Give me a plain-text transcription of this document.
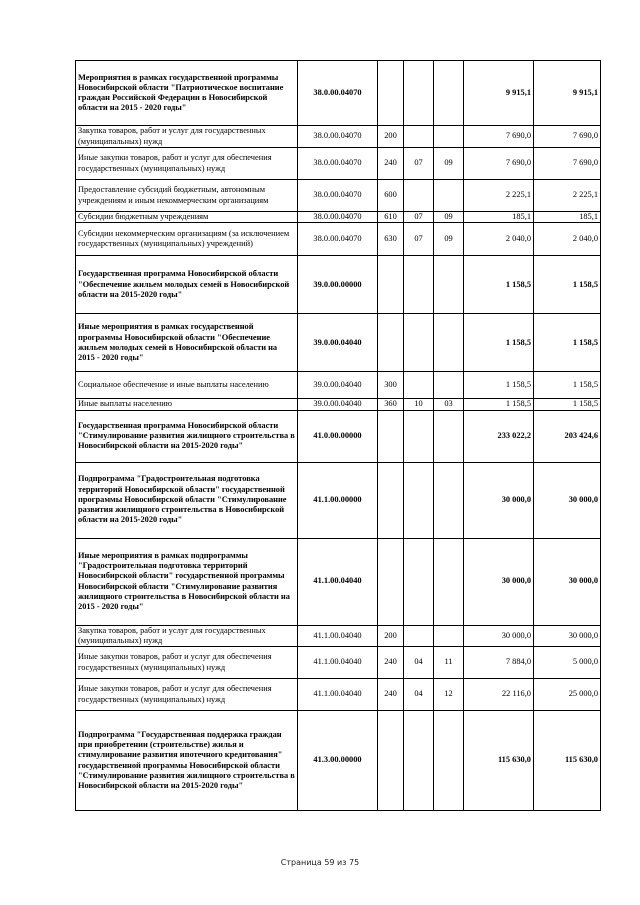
Мероприятия в рамках государственной программы Новосибирской области "Патриотическое воспитание граждан Российской Федерации в Новосибирской области на 2015 - 2020 годы"	38.0.00.04070				9 915,1	9 915,1
Закупка товаров, работ и услуг для государственных (муниципальных) нужд	38.0.00.04070	200			7 690,0	7 690,0
Иные закупки товаров, работ и услуг для обеспечения государственных (муниципальных) нужд	38.0.00.04070	240	07	09	7 690,0	7 690,0
Предоставление субсидий бюджетным, автономным учреждениям и иным некоммерческим организациям	38.0.00.04070	600			2 225,1	2 225,1
Субсидии бюджетным учреждениям	38.0.00.04070	610	07	09	185,1	185,1
Субсидии некоммерческим организациям (за исключением государственных (муниципальных) учреждений)	38.0.00.04070	630	07	09	2 040,0	2 040,0
Государственная программа Новосибирской области "Обеспечение жильем молодых семей в Новосибирской области на 2015-2020 годы"	39.0.00.00000				1 158,5	1 158,5
Иные мероприятия в рамках государственной программы Новосибирской области "Обеспечение жильем молодых семей в Новосибирской области на 2015 - 2020 годы"	39.0.00.04040				1 158,5	1 158,5
Социальное обеспечение и иные выплаты населению	39.0.00.04040	300			1 158,5	1 158,5
Иные выплаты населению	39.0.00.04040	360	10	03	1 158,5	1 158,5
Государственная программа Новосибирской области "Стимулирование развития жилищного строительства в Новосибирской области на 2015-2020 годы"	41.0.00.00000				233 022,2	203 424,6
Подпрограмма "Градостроительная подготовка территорий Новосибирской области" государственной программы Новосибирской области "Стимулирование развития жилищного строительства в Новосибирской области на 2015-2020 годы"	41.1.00.00000				30 000,0	30 000,0
Иные мероприятия в рамках подпрограммы "Градостроительная подготовка территорий Новосибирской области" государственной программы Новосибирской области "Стимулирование развития жилищного строительства в Новосибирской области на 2015 - 2020 годы"	41.1.00.04040				30 000,0	30 000,0
Закупка товаров, работ и услуг для государственных (муниципальных) нужд	41.1.00.04040	200			30 000,0	30 000,0
Иные закупки товаров, работ и услуг для обеспечения государственных (муниципальных) нужд	41.1.00.04040	240	04	11	7 884,0	5 000,0
Иные закупки товаров, работ и услуг для обеспечения государственных (муниципальных) нужд	41.1.00.04040	240	04	12	22 116,0	25 000,0
Подпрограмма "Государственная поддержка граждан при приобретении (строительстве) жилья и стимулирование развития ипотечного кредитования" государственной программы Новосибирской области "Стимулирование развития жилищного строительства в Новосибирской области на 2015-2020 годы"	41.3.00.00000				115 630,0	115 630,0
Страница 59 из 75
